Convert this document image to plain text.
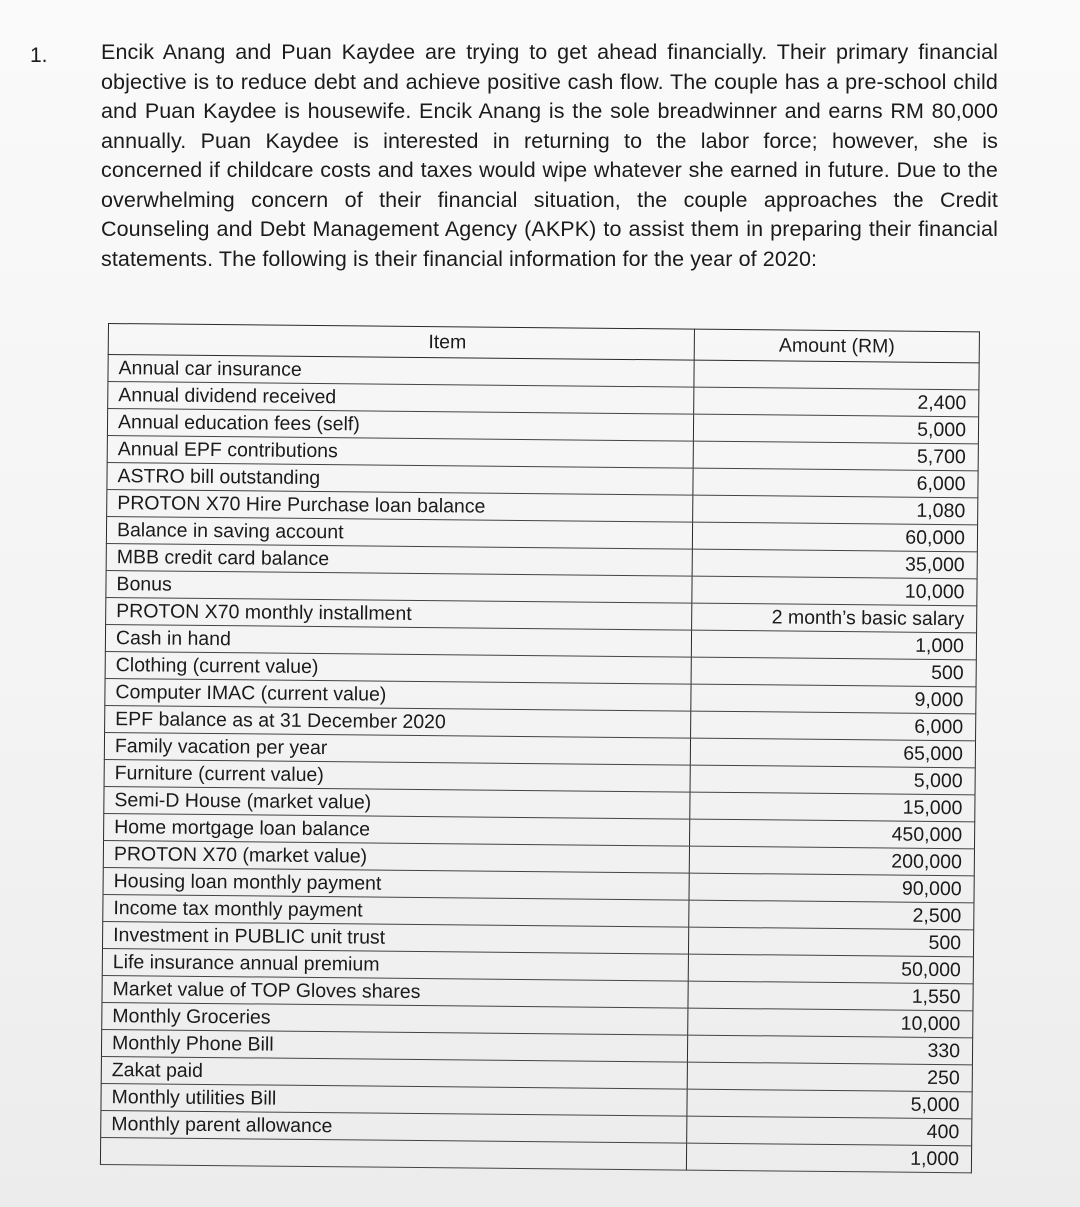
1. Encik Anang and Puan Kaydee are trying to get ahead financially. Their primary financial objective is to reduce debt and achieve positive cash flow. The couple has a pre-school child and Puan Kaydee is housewife. Encik Anang is the sole breadwinner and earns RM 80,000 annually. Puan Kaydee is interested in returning to the labor force; however, she is concerned if childcare costs and taxes would wipe whatever she earned in future. Due to the overwhelming concern of their financial situation, the couple approaches the Credit Counseling and Debt Management Agency (AKPK) to assist them in preparing their financial statements. The following is their financial information for the year of 2020:
Item	Amount (RM)
Annual car insurance	
Annual dividend received	2,400
Annual education fees (self)	5,000
Annual EPF contributions	5,700
ASTRO bill outstanding	6,000
PROTON X70 Hire Purchase loan balance	1,080
Balance in saving account	60,000
MBB credit card balance	35,000
Bonus	10,000
PROTON X70 monthly installment	2 month’s basic salary
Cash in hand	1,000
Clothing (current value)	500
Computer IMAC (current value)	9,000
EPF balance as at 31 December 2020	6,000
Family vacation per year	65,000
Furniture (current value)	5,000
Semi-D House (market value)	15,000
Home mortgage loan balance	450,000
PROTON X70 (market value)	200,000
Housing loan monthly payment	90,000
Income tax monthly payment	2,500
Investment in PUBLIC unit trust	500
Life insurance annual premium	50,000
Market value of TOP Gloves shares	1,550
Monthly Groceries	10,000
Monthly Phone Bill	330
Zakat paid	250
Monthly utilities Bill	5,000
Monthly parent allowance	400
	1,000
